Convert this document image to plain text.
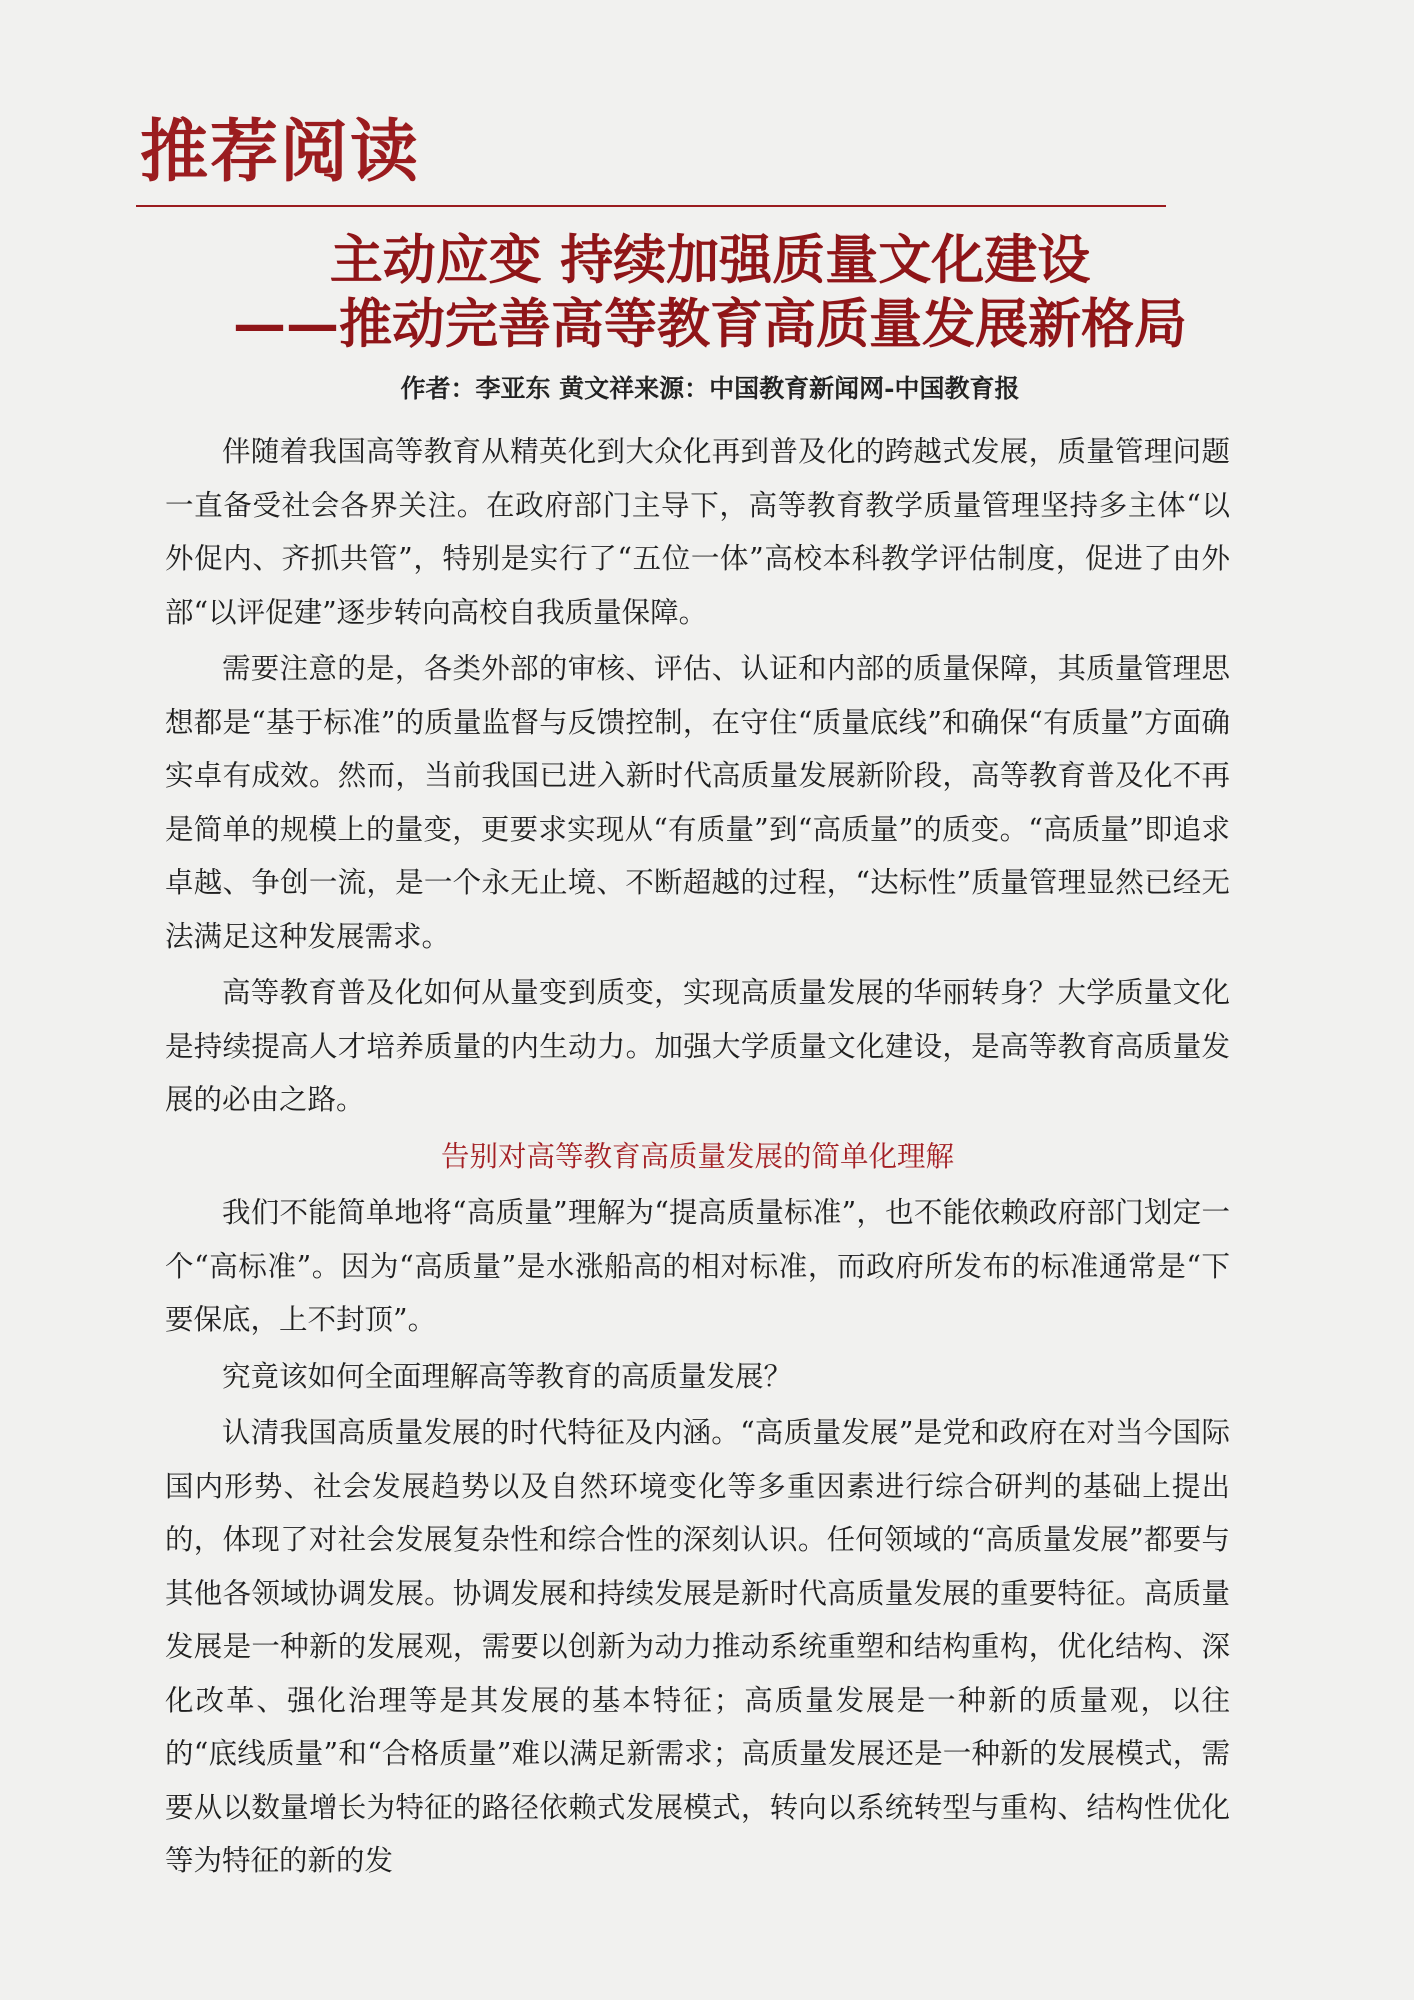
推荐阅读
主动应变 持续加强质量文化建设
——推动完善高等教育高质量发展新格局
作者：李亚东 黄文祥来源：中国教育新闻网-中国教育报

伴随着我国高等教育从精英化到大众化再到普及化的跨越式发展，质量管理问题一直备受社会各界关注。在政府部门主导下，高等教育教学质量管理坚持多主体“以外促内、齐抓共管”，特别是实行了“五位一体”高校本科教学评估制度，促进了由外部“以评促建”逐步转向高校自我质量保障。

需要注意的是，各类外部的审核、评估、认证和内部的质量保障，其质量管理思想都是“基于标准”的质量监督与反馈控制，在守住“质量底线”和确保“有质量”方面确实卓有成效。然而，当前我国已进入新时代高质量发展新阶段，高等教育普及化不再是简单的规模上的量变，更要求实现从“有质量”到“高质量”的质变。“高质量”即追求卓越、争创一流，是一个永无止境、不断超越的过程，“达标性”质量管理显然已经无法满足这种发展需求。

高等教育普及化如何从量变到质变，实现高质量发展的华丽转身？大学质量文化是持续提高人才培养质量的内生动力。加强大学质量文化建设，是高等教育高质量发展的必由之路。

告别对高等教育高质量发展的简单化理解

我们不能简单地将“高质量”理解为“提高质量标准”，也不能依赖政府部门划定一个“高标准”。因为“高质量”是水涨船高的相对标准，而政府所发布的标准通常是“下要保底，上不封顶”。

究竟该如何全面理解高等教育的高质量发展？

认清我国高质量发展的时代特征及内涵。“高质量发展”是党和政府在对当今国际国内形势、社会发展趋势以及自然环境变化等多重因素进行综合研判的基础上提出的，体现了对社会发展复杂性和综合性的深刻认识。任何领域的“高质量发展”都要与其他各领域协调发展。协调发展和持续发展是新时代高质量发展的重要特征。高质量发展是一种新的发展观，需要以创新为动力推动系统重塑和结构重构，优化结构、深化改革、强化治理等是其发展的基本特征；高质量发展是一种新的质量观，以往的“底线质量”和“合格质量”难以满足新需求；高质量发展还是一种新的发展模式，需要从以数量增长为特征的路径依赖式发展模式，转向以系统转型与重构、结构性优化等为特征的新的发
